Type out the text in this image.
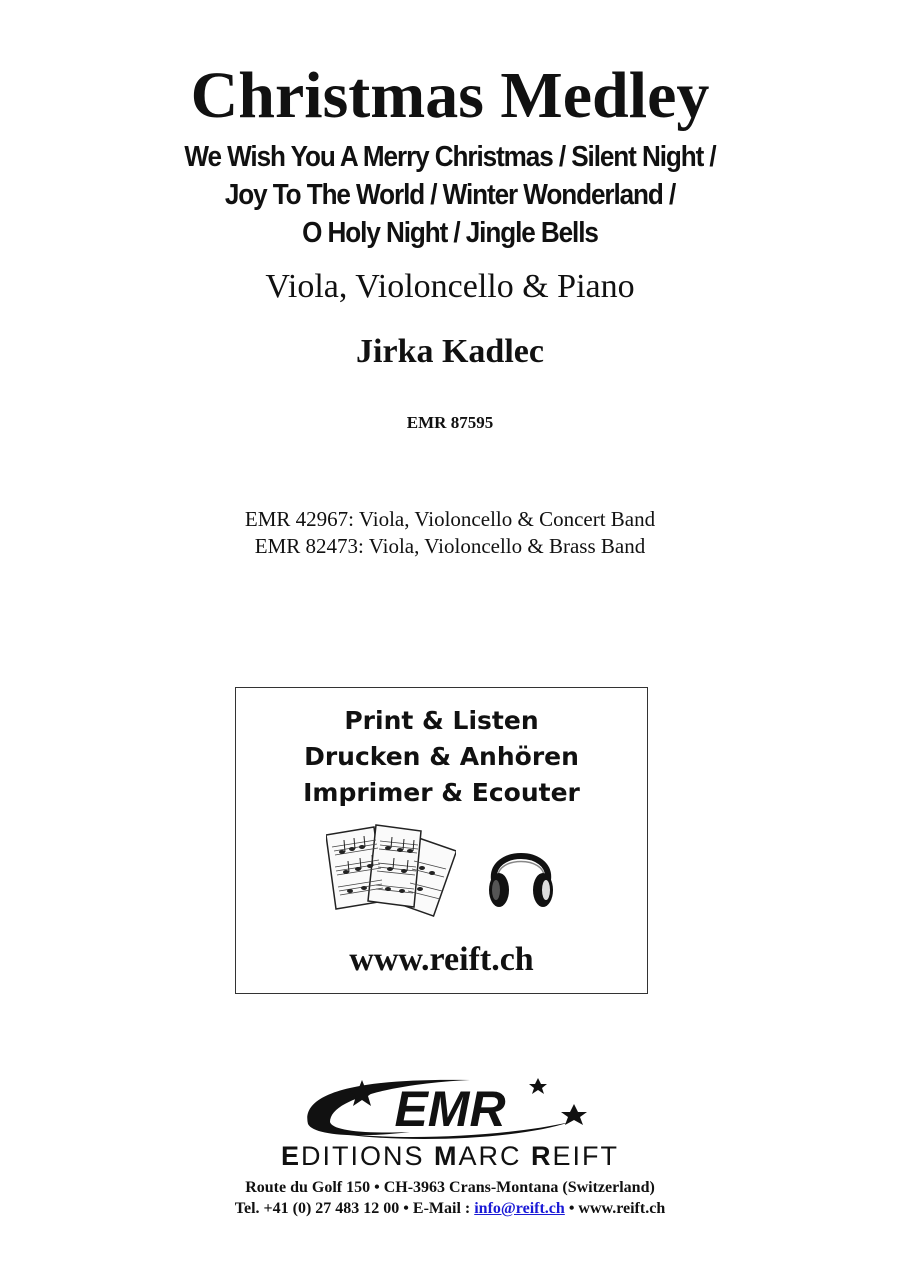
Christmas Medley
We Wish You A Merry Christmas / Silent Night /
Joy To The World / Winter Wonderland /
O Holy Night / Jingle Bells
Viola, Violoncello & Piano
Jirka Kadlec
EMR 87595
EMR 42967: Viola, Violoncello & Concert Band
EMR 82473: Viola, Violoncello & Brass Band
Print & Listen
Drucken & Anhören
Imprimer & Ecouter
www.reift.ch
EMR
EDITIONS MARC REIFT
Route du Golf 150 • CH-3963 Crans-Montana (Switzerland)
Tel. +41 (0) 27 483 12 00 • E-Mail : info@reift.ch • www.reift.ch
